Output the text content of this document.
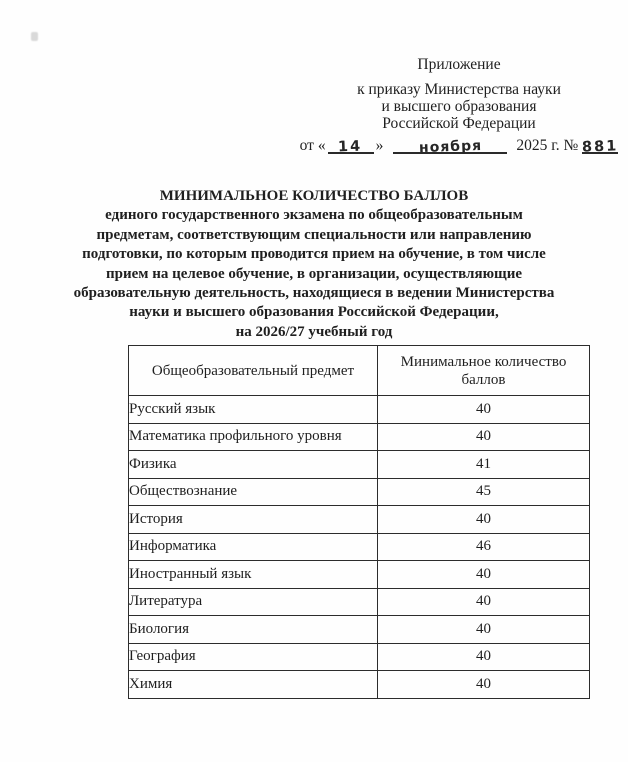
Приложение
к приказу Министерства науки
и высшего образования
Российской Федерации
от « 14 »	ноября	2025 г. № 881
МИНИМАЛЬНОЕ КОЛИЧЕСТВО БАЛЛОВ
единого государственного экзамена по общеобразовательным
предметам, соответствующим специальности или направлению
подготовки, по которым проводится прием на обучение, в том числе
прием на целевое обучение, в организации, осуществляющие
образовательную деятельность, находящиеся в ведении Министерства
науки и высшего образования Российской Федерации,
на 2026/27 учебный год
Общеобразовательный предмет	Минимальное количество баллов
Русский язык	40
Математика профильного уровня	40
Физика	41
Обществознание	45
История	40
Информатика	46
Иностранный язык	40
Литература	40
Биология	40
География	40
Химия	40
